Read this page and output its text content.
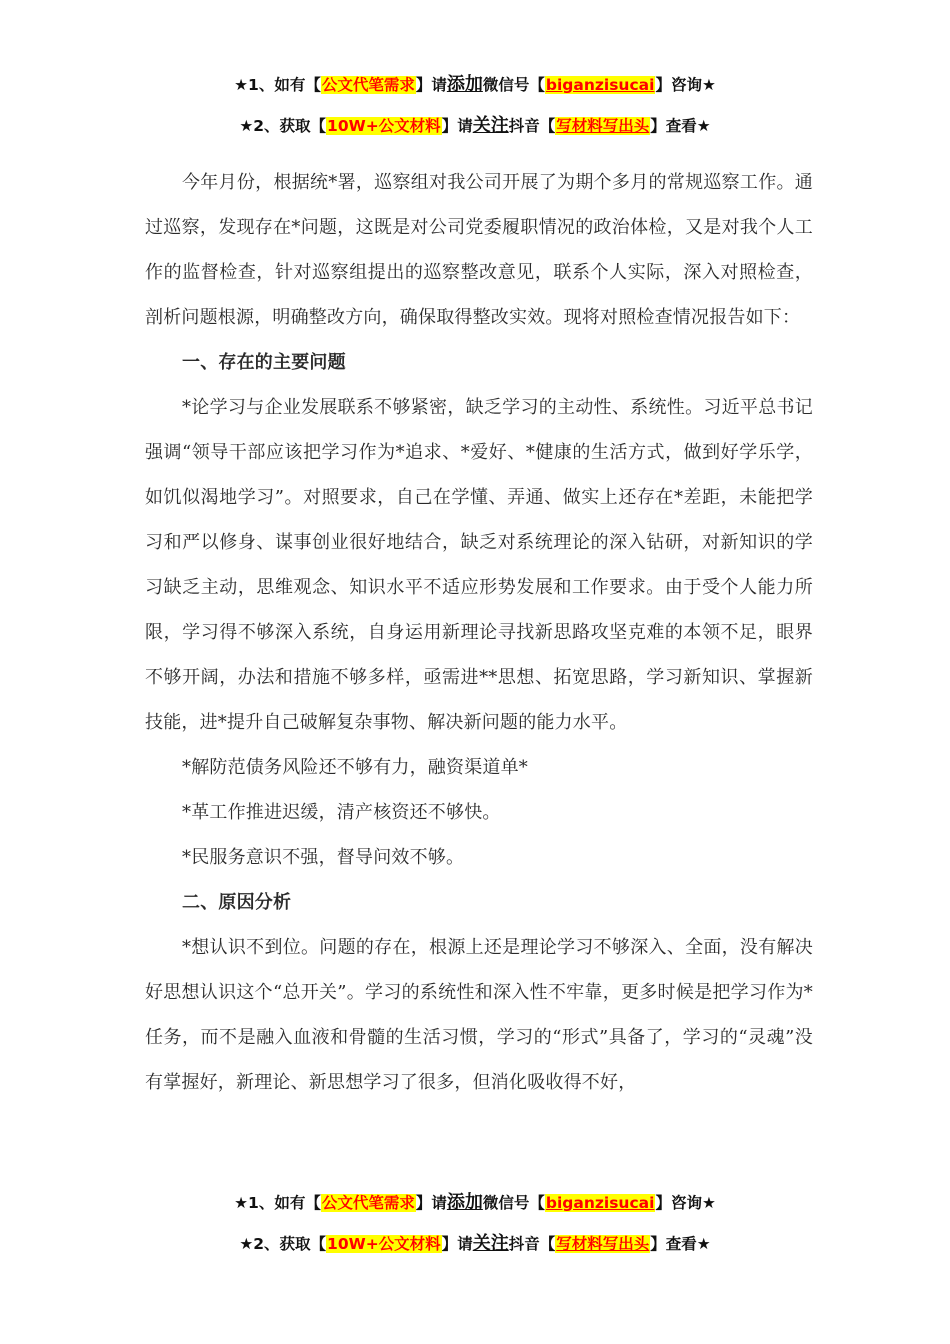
★1、如有【公文代笔需求】请添加微信号【biganzisucai】咨询★
★2、获取【10W+公文材料】请关注抖音【写材料写出头】查看★

今年月份，根据统*署，巡察组对我公司开展了为期个多月的常规巡察工作。通过巡察，发现存在*问题，这既是对公司党委履职情况的政治体检，又是对我个人工作的监督检查，针对巡察组提出的巡察整改意见，联系个人实际，深入对照检查，剖析问题根源，明确整改方向，确保取得整改实效。现将对照检查情况报告如下：

一、存在的主要问题

*论学习与企业发展联系不够紧密，缺乏学习的主动性、系统性。习近平总书记强调“领导干部应该把学习作为*追求、*爱好、*健康的生活方式，做到好学乐学，如饥似渴地学习”。对照要求，自己在学懂、弄通、做实上还存在*差距，未能把学习和严以修身、谋事创业很好地结合，缺乏对系统理论的深入钻研，对新知识的学习缺乏主动，思维观念、知识水平不适应形势发展和工作要求。由于受个人能力所限，学习得不够深入系统，自身运用新理论寻找新思路攻坚克难的本领不足，眼界不够开阔，办法和措施不够多样，亟需进**思想、拓宽思路，学习新知识、掌握新技能，进*提升自己破解复杂事物、解决新问题的能力水平。

*解防范债务风险还不够有力，融资渠道单*

*革工作推进迟缓，清产核资还不够快。

*民服务意识不强，督导问效不够。

二、原因分析

*想认识不到位。问题的存在，根源上还是理论学习不够深入、全面，没有解决好思想认识这个“总开关”。学习的系统性和深入性不牢靠，更多时候是把学习作为*任务，而不是融入血液和骨髓的生活习惯，学习的“形式”具备了，学习的“灵魂”没有掌握好，新理论、新思想学习了很多，但消化吸收得不好，

★1、如有【公文代笔需求】请添加微信号【biganzisucai】咨询★
★2、获取【10W+公文材料】请关注抖音【写材料写出头】查看★
